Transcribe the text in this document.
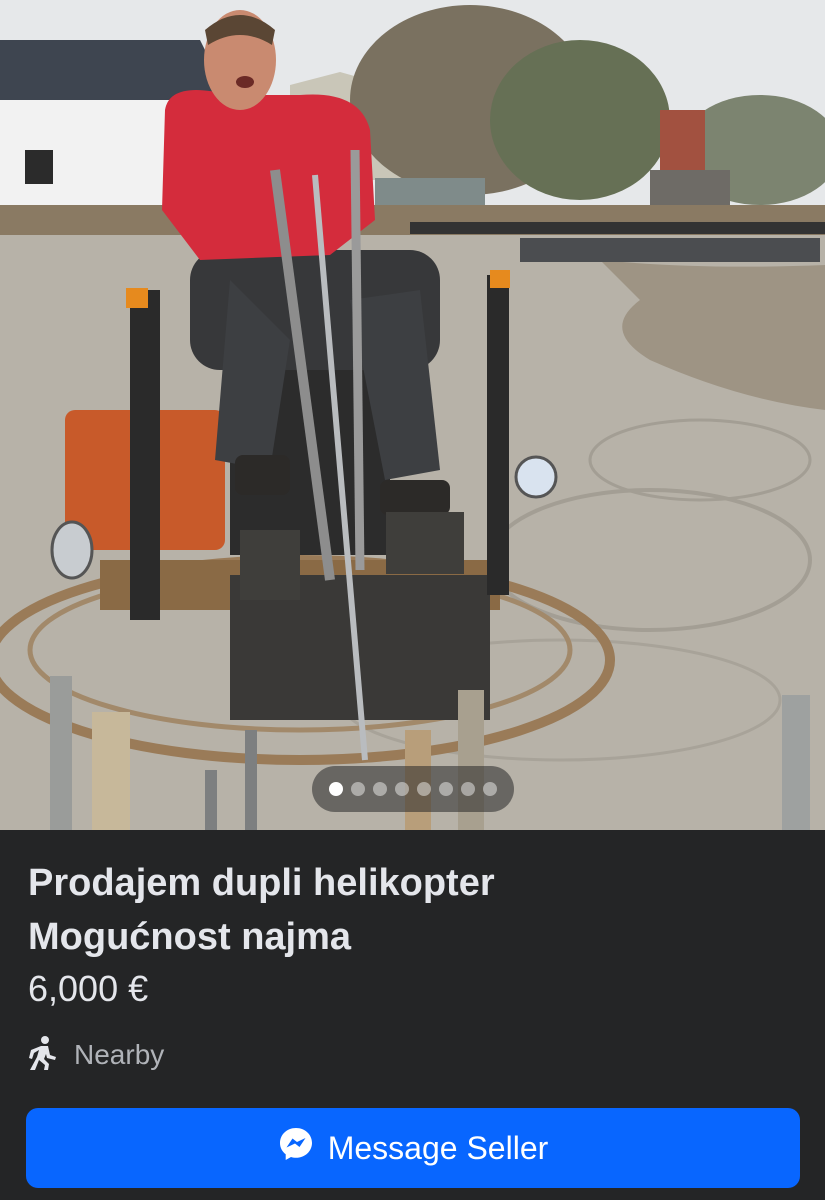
Prodajem dupli helikopter
Mogućnost najma
6,000 €
Nearby
Message Seller
